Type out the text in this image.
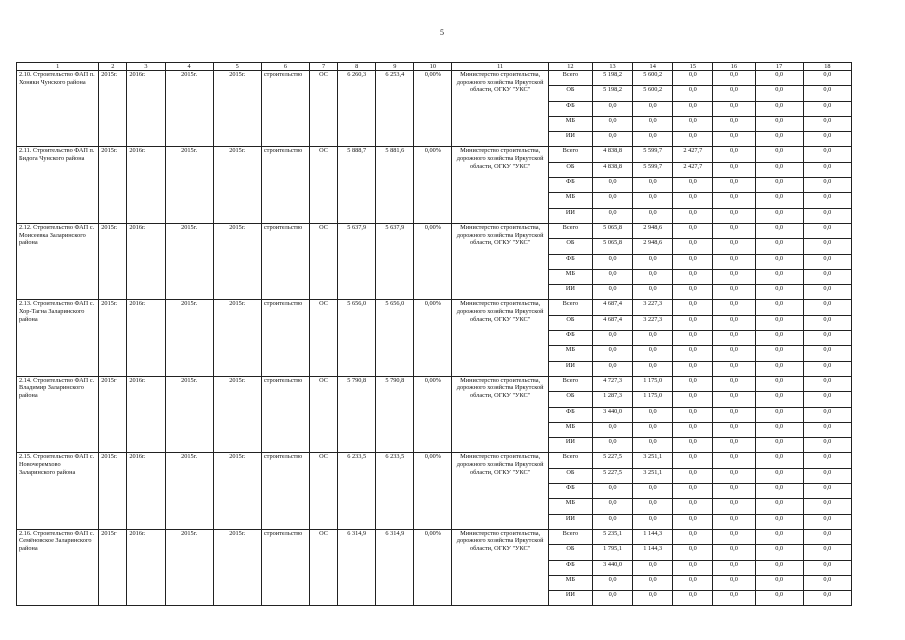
5
1	2	3	4	5	6	7	8	9	10	11	12	13	14	15	16	17	18
2.10. Строительство ФАП п. Хоняки Чунского района	2015г.	2016г.	2015г.	2015г.	строительство	ОС	6 260,3	6 253,4	0,00%	Министерство строительства, дорожного хозяйства Иркутской области, ОГКУ "УКС"	Всего	5 198,2	5 600,2	0,0	0,0	0,0	0,0
											ОБ	5 198,2	5 600,2	0,0	0,0	0,0	0,0
											ФБ	0,0	0,0	0,0	0,0	0,0	0,0
											МБ	0,0	0,0	0,0	0,0	0,0	0,0
											ИИ	0,0	0,0	0,0	0,0	0,0	0,0
2.11. Строительство ФАП п. Бидога Чунского района	2015г.	2016г.	2015г.	2015г.	строительство	ОС	5 888,7	5 881,6	0,00%	Министерство строительства, дорожного хозяйства Иркутской области, ОГКУ "УКС"	Всего	4 838,8	5 599,7	2 427,7	0,0	0,0	0,0
											ОБ	4 838,8	5 599,7	2 427,7	0,0	0,0	0,0
											ФБ	0,0	0,0	0,0	0,0	0,0	0,0
											МБ	0,0	0,0	0,0	0,0	0,0	0,0
											ИИ	0,0	0,0	0,0	0,0	0,0	0,0
2.12. Строительство ФАП с. Моисеевка Заларинского района	2015г.	2016г.	2015г.	2015г.	строительство	ОС	5 637,9	5 637,9	0,00%	Министерство строительства, дорожного хозяйства Иркутской области, ОГКУ "УКС"	Всего	5 065,8	2 948,6	0,0	0,0	0,0	0,0
											ОБ	5 065,8	2 948,6	0,0	0,0	0,0	0,0
											ФБ	0,0	0,0	0,0	0,0	0,0	0,0
											МБ	0,0	0,0	0,0	0,0	0,0	0,0
											ИИ	0,0	0,0	0,0	0,0	0,0	0,0
2.13. Строительство ФАП с. Хор-Тагна Заларинского района	2015г.	2016г.	2015г.	2015г.	строительство	ОС	5 656,0	5 656,0	0,00%	Министерство строительства, дорожного хозяйства Иркутской области, ОГКУ "УКС"	Всего	4 687,4	3 227,3	0,0	0,0	0,0	0,0
											ОБ	4 687,4	3 227,3	0,0	0,0	0,0	0,0
											ФБ	0,0	0,0	0,0	0,0	0,0	0,0
											МБ	0,0	0,0	0,0	0,0	0,0	0,0
											ИИ	0,0	0,0	0,0	0,0	0,0	0,0
2.14. Строительство ФАП с. Владимир Заларинского района	2015г	2016г.	2015г.	2015г.	строительство	ОС	5 790,8	5 790,8	0,00%	Министерство строительства, дорожного хозяйства Иркутской области, ОГКУ "УКС"	Всего	4 727,3	1 175,0	0,0	0,0	0,0	0,0
											ОБ	1 287,3	1 175,0	0,0	0,0	0,0	0,0
											ФБ	3 440,0	0,0	0,0	0,0	0,0	0,0
											МБ	0,0	0,0	0,0	0,0	0,0	0,0
											ИИ	0,0	0,0	0,0	0,0	0,0	0,0
2.15. Строительство ФАП с. Новочеремхово Заларинского района	2015г.	2016г.	2015г.	2015г.	строительство	ОС	6 233,5	6 233,5	0,00%	Министерство строительства, дорожного хозяйства Иркутской области, ОГКУ "УКС"	Всего	5 227,5	3 251,1	0,0	0,0	0,0	0,0
											ОБ	5 227,5	3 251,1	0,0	0,0	0,0	0,0
											ФБ	0,0	0,0	0,0	0,0	0,0	0,0
											МБ	0,0	0,0	0,0	0,0	0,0	0,0
											ИИ	0,0	0,0	0,0	0,0	0,0	0,0
2.16. Строительство ФАП с. Семёновское Заларинского района	2015г	2016г.	2015г.	2015г.	строительство	ОС	6 314,9	6 314,9	0,00%	Министерство строительства, дорожного хозяйства Иркутской области, ОГКУ "УКС"	Всего	5 235,1	1 144,3	0,0	0,0	0,0	0,0
											ОБ	1 795,1	1 144,3	0,0	0,0	0,0	0,0
											ФБ	3 440,0	0,0	0,0	0,0	0,0	0,0
											МБ	0,0	0,0	0,0	0,0	0,0	0,0
											ИИ	0,0	0,0	0,0	0,0	0,0	0,0
